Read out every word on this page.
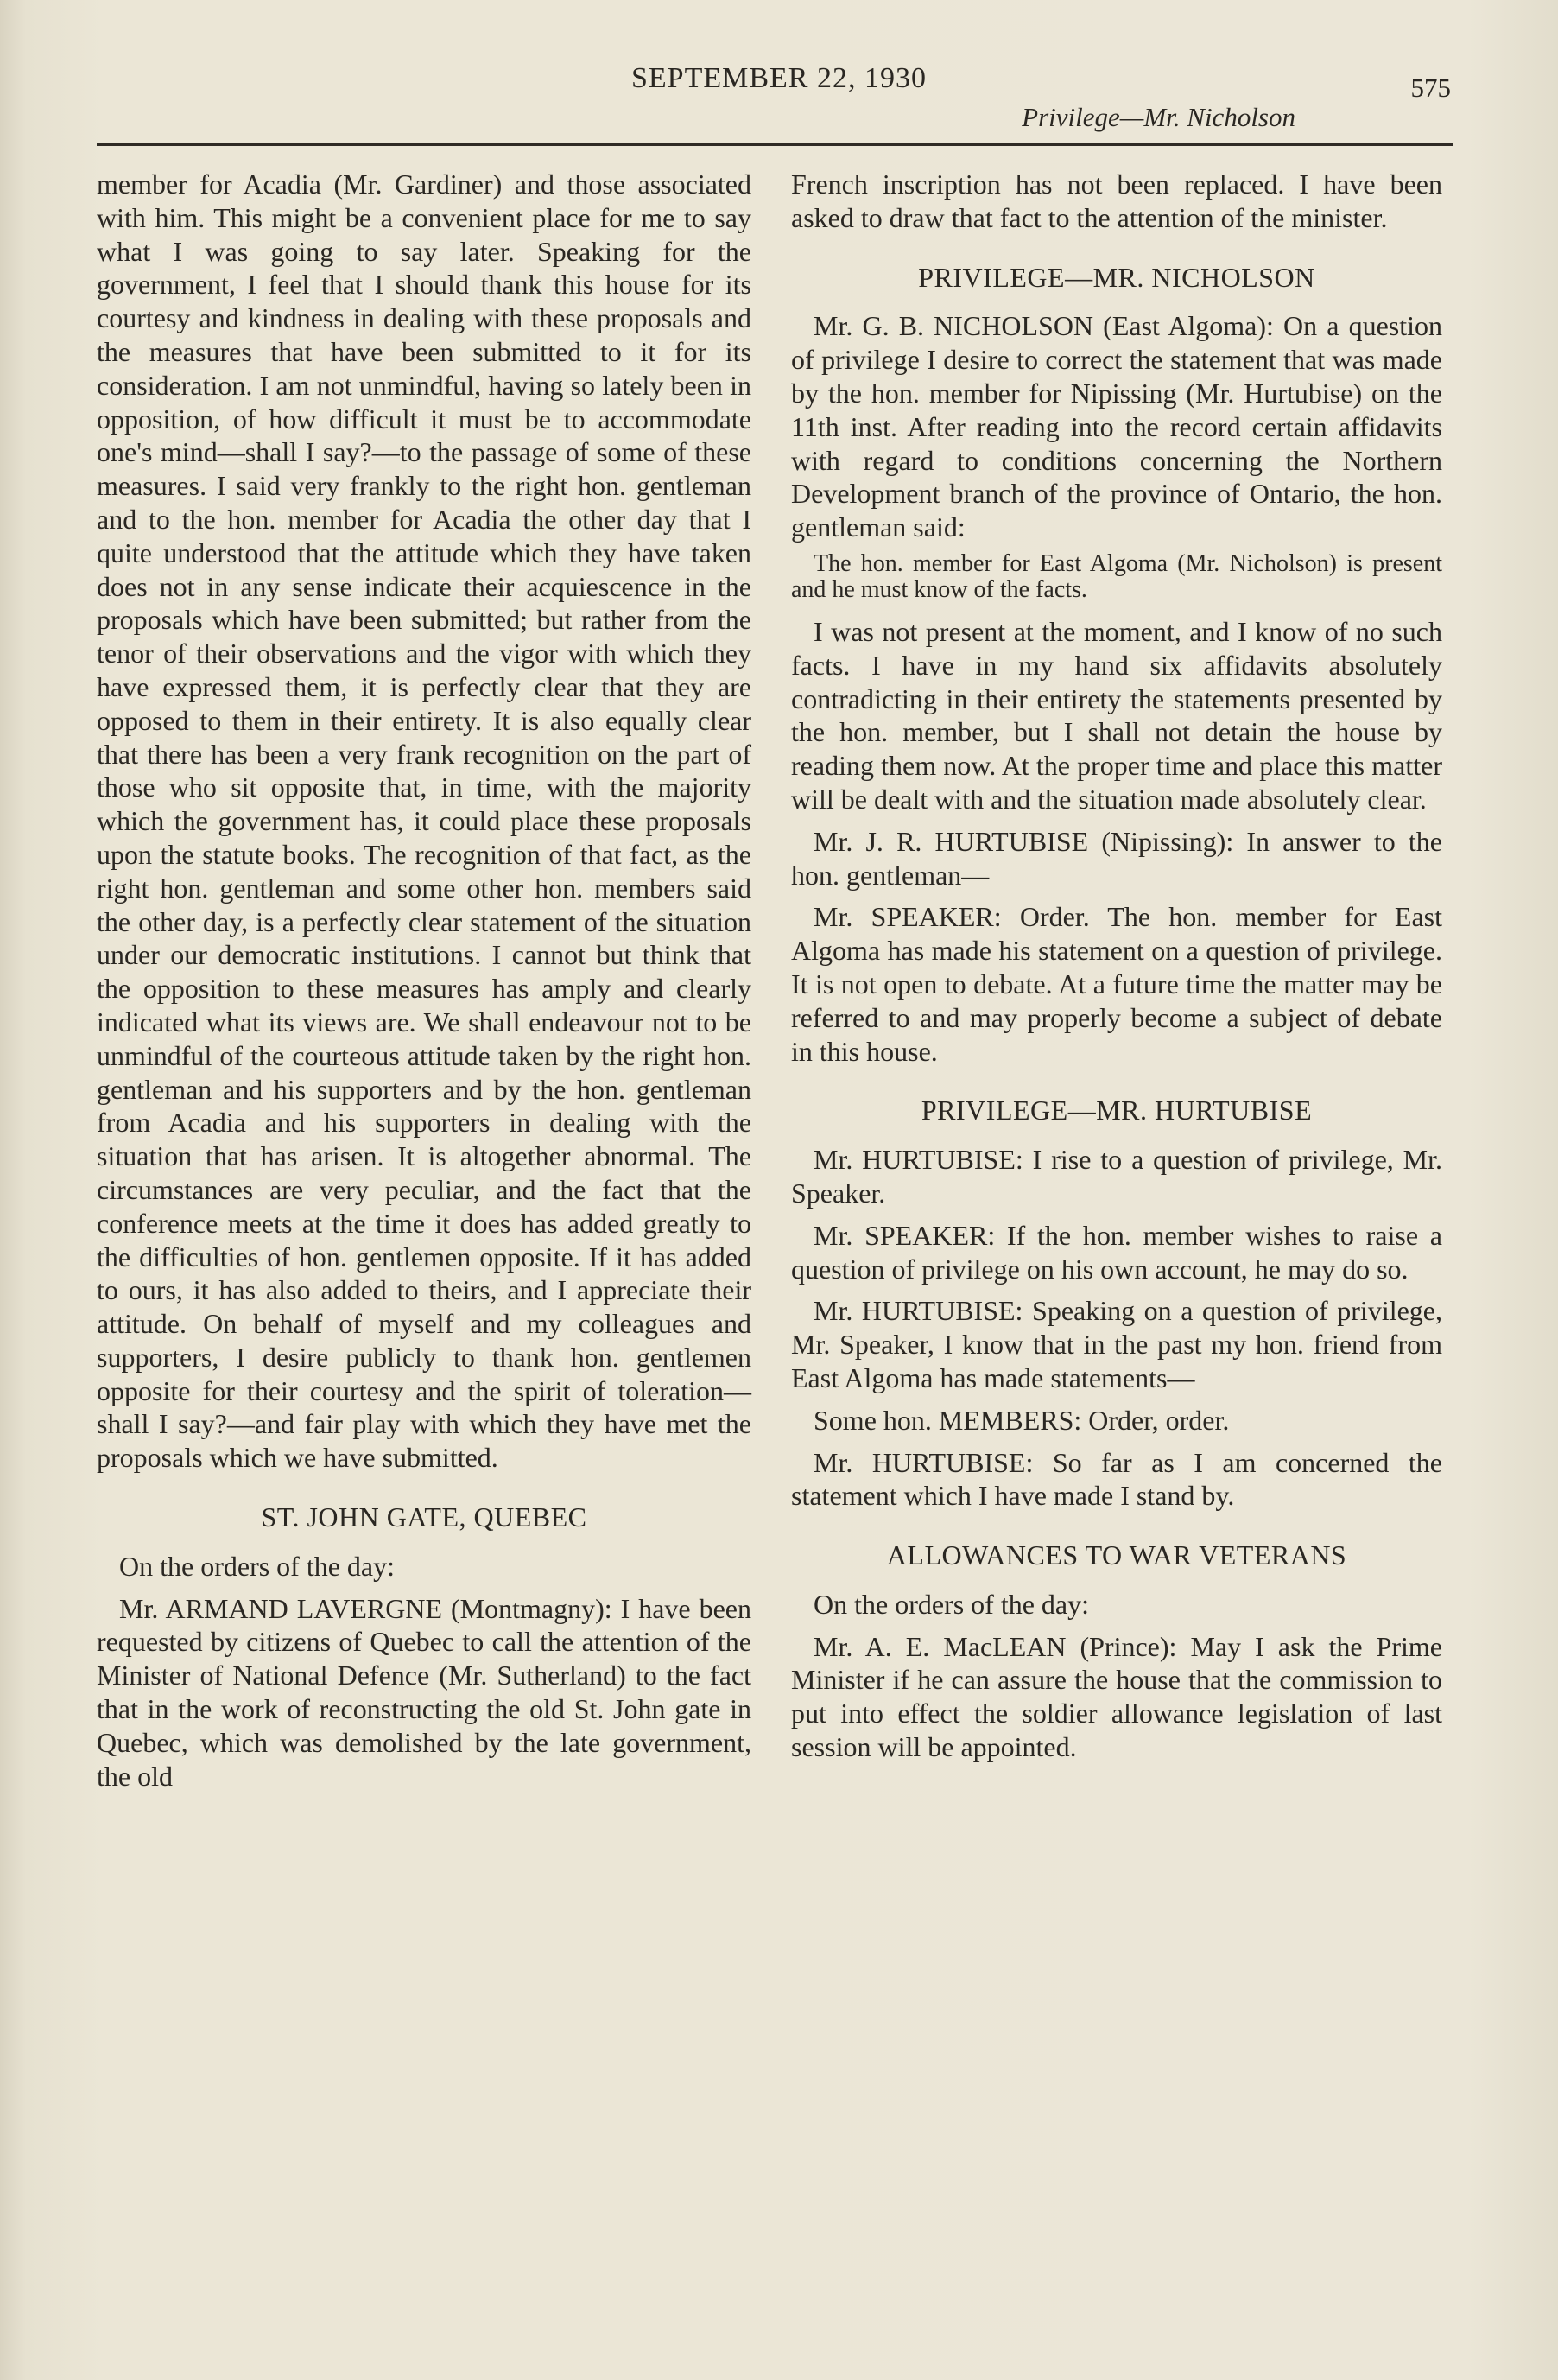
SEPTEMBER 22, 1930	575
Privilege—Mr. Nicholson

member for Acadia (Mr. Gardiner) and those associated with him. This might be a convenient place for me to say what I was going to say later. Speaking for the government, I feel that I should thank this house for its courtesy and kindness in dealing with these proposals and the measures that have been submitted to it for its consideration. I am not unmindful, having so lately been in opposition, of how difficult it must be to accommodate one's mind—shall I say?—to the passage of some of these measures. I said very frankly to the right hon. gentleman and to the hon. member for Acadia the other day that I quite understood that the attitude which they have taken does not in any sense indicate their acquiescence in the proposals which have been submitted; but rather from the tenor of their observations and the vigor with which they have expressed them, it is perfectly clear that they are opposed to them in their entirety. It is also equally clear that there has been a very frank recognition on the part of those who sit opposite that, in time, with the majority which the government has, it could place these proposals upon the statute books. The recognition of that fact, as the right hon. gentleman and some other hon. members said the other day, is a perfectly clear statement of the situation under our democratic institutions. I cannot but think that the opposition to these measures has amply and clearly indicated what its views are. We shall endeavour not to be unmindful of the courteous attitude taken by the right hon. gentleman and his supporters and by the hon. gentleman from Acadia and his supporters in dealing with the situation that has arisen. It is altogether abnormal. The circumstances are very peculiar, and the fact that the conference meets at the time it does has added greatly to the difficulties of hon. gentlemen opposite. If it has added to ours, it has also added to theirs, and I appreciate their attitude. On behalf of myself and my colleagues and supporters, I desire publicly to thank hon. gentlemen opposite for their courtesy and the spirit of toleration—shall I say?—and fair play with which they have met the proposals which we have submitted.

ST. JOHN GATE, QUEBEC

On the orders of the day:

Mr. ARMAND LAVERGNE (Montmagny): I have been requested by citizens of Quebec to call the attention of the Minister of National Defence (Mr. Sutherland) to the fact that in the work of reconstructing the old St. John gate in Quebec, which was demolished by the late government, the old

French inscription has not been replaced. I have been asked to draw that fact to the attention of the minister.

PRIVILEGE—MR. NICHOLSON

Mr. G. B. NICHOLSON (East Algoma): On a question of privilege I desire to correct the statement that was made by the hon. member for Nipissing (Mr. Hurtubise) on the 11th inst. After reading into the record certain affidavits with regard to conditions concerning the Northern Development branch of the province of Ontario, the hon. gentleman said:

The hon. member for East Algoma (Mr. Nicholson) is present and he must know of the facts.

I was not present at the moment, and I know of no such facts. I have in my hand six affidavits absolutely contradicting in their entirety the statements presented by the hon. member, but I shall not detain the house by reading them now. At the proper time and place this matter will be dealt with and the situation made absolutely clear.

Mr. J. R. HURTUBISE (Nipissing): In answer to the hon. gentleman—

Mr. SPEAKER: Order. The hon. member for East Algoma has made his statement on a question of privilege. It is not open to debate. At a future time the matter may be referred to and may properly become a subject of debate in this house.

PRIVILEGE—MR. HURTUBISE

Mr. HURTUBISE: I rise to a question of privilege, Mr. Speaker.

Mr. SPEAKER: If the hon. member wishes to raise a question of privilege on his own account, he may do so.

Mr. HURTUBISE: Speaking on a question of privilege, Mr. Speaker, I know that in the past my hon. friend from East Algoma has made statements—

Some hon. MEMBERS: Order, order.

Mr. HURTUBISE: So far as I am concerned the statement which I have made I stand by.

ALLOWANCES TO WAR VETERANS

On the orders of the day:

Mr. A. E. MacLEAN (Prince): May I ask the Prime Minister if he can assure the house that the commission to put into effect the soldier allowance legislation of last session will be appointed.
